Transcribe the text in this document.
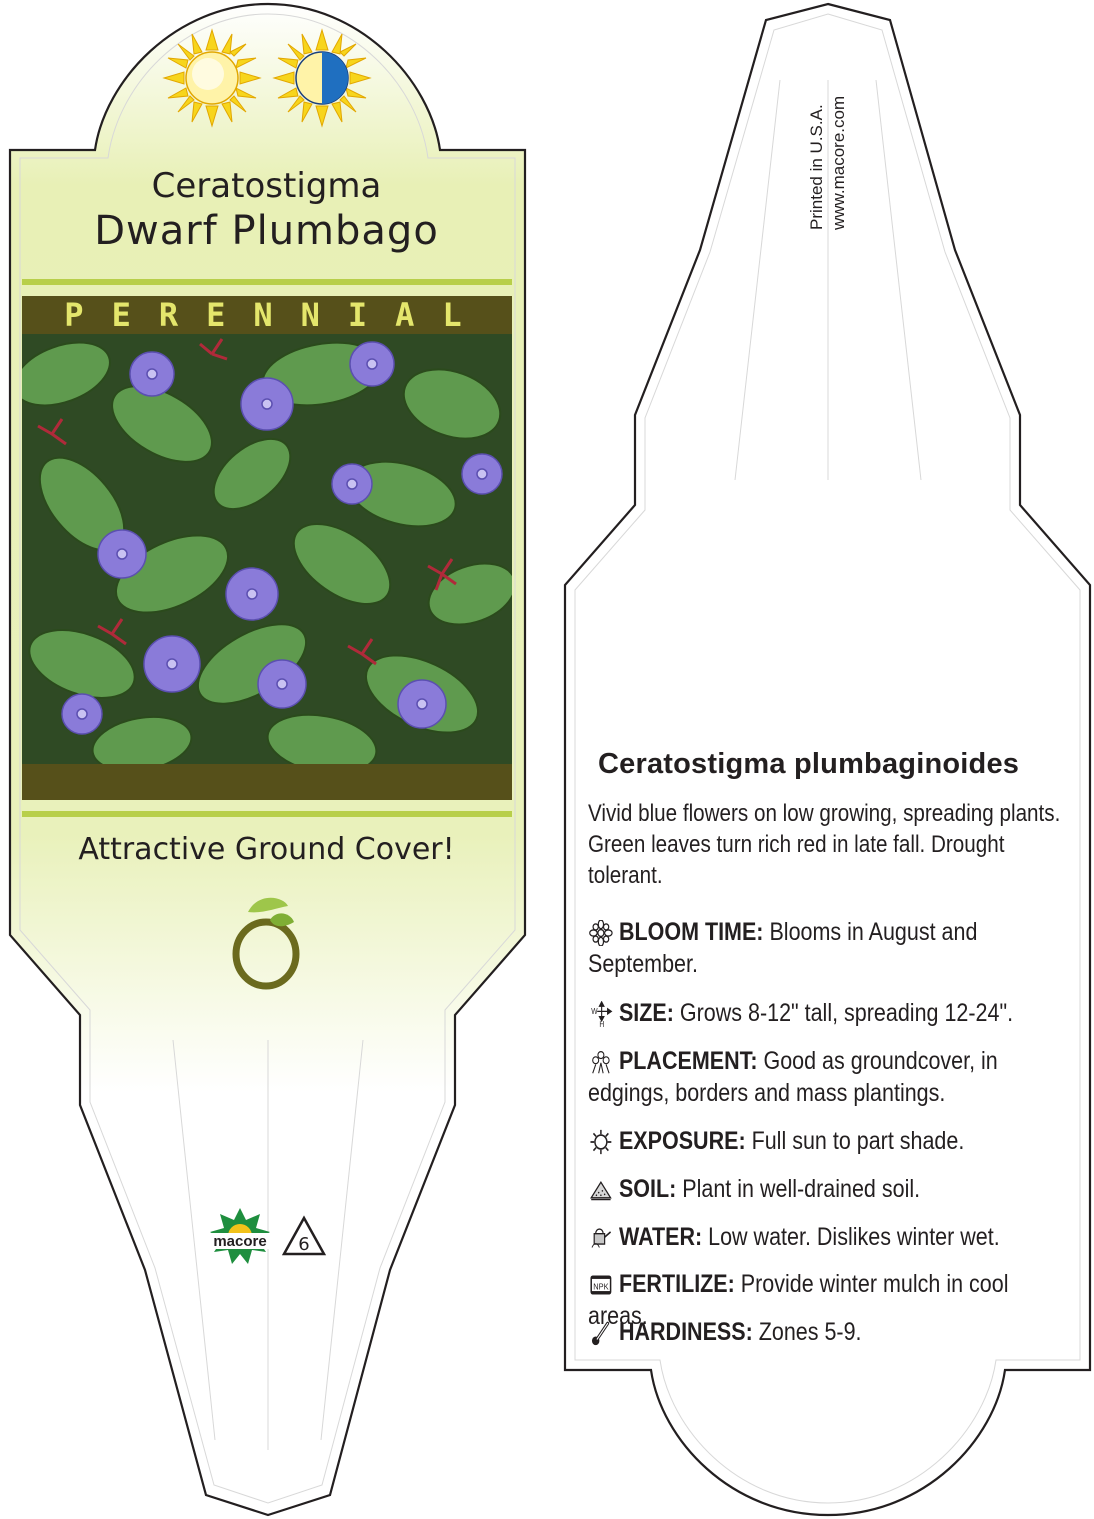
Ceratostigma
Dwarf Plumbago
PERENNIAL
Attractive Ground Cover!
macore 6
Printed in U.S.A. www.macore.com
Ceratostigma plumbaginoides
Vivid blue flowers on low growing, spreading plants. Green leaves turn rich red in late fall. Drought tolerant.
BLOOM TIME: Blooms in August and September.
W
H SIZE: Grows 8-12" tall, spreading 12-24".
PLACEMENT: Good as groundcover, in edgings, borders and mass plantings.
EXPOSURE: Full sun to part shade.
SOIL: Plant in well-drained soil.
WATER: Low water. Dislikes winter wet.
NPK FERTILIZE: Provide winter mulch in cool areas.
HARDINESS: Zones 5-9.
